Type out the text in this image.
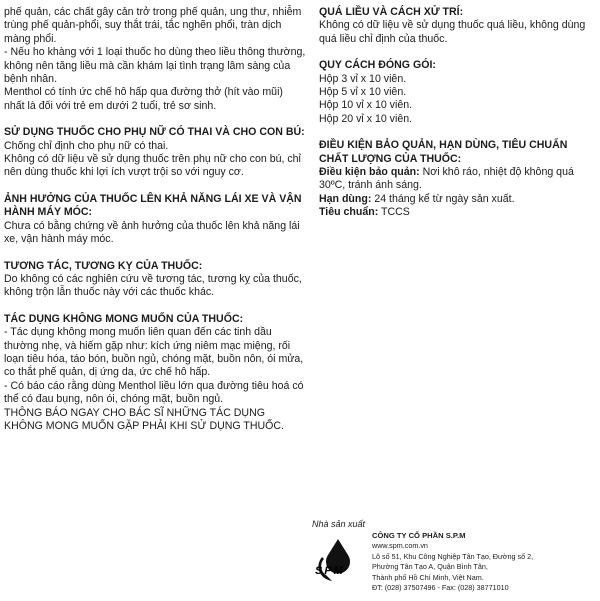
phế quản, các chất gây cản trở trong phế quản, ung thư, nhiễm trùng phế quản-phổi, suy thắt trái, tắc nghẽn phổi, tràn dịch màng phổi.

- Nếu ho khàng với 1 loại thuốc ho dùng theo liều thông thường, không nên tăng liều mà cần khám lại tình trạng lâm sàng của bệnh nhân.

Menthol có tính ức chế hô hấp qua đường thở (hít vào mũi) nhất là đối với trẻ em dưới 2 tuổi, trẻ sơ sinh.

SỬ DỤNG THUỐC CHO PHỤ NỮ CÓ THAI VÀ CHO CON BÚ:

Chống chỉ định cho phụ nữ có thai.

Không có dữ liệu về sử dụng thuốc trên phụ nữ cho con bú, chỉ nên dùng thuốc khi lợi ích vượt trội so với nguy cơ.

ẢNH HƯỞNG CỦA THUỐC LÊN KHẢ NĂNG LÁI XE VÀ VẬN HÀNH MÁY MÓC:

Chưa có bằng chứng về ảnh hưởng của thuốc lên khả năng lái xe, vận hành máy móc.

TƯƠNG TÁC, TƯƠNG KỴ CỦA THUỐC:

Do không có các nghiên cứu về tương tác, tương kỵ của thuốc, không trộn lẫn thuốc này với các thuốc khác.

TÁC DỤNG KHÔNG MONG MUỐN CỦA THUỐC:

- Tác dụng không mong muốn liên quan đến các tinh dầu thường nhẹ, và hiếm gặp như: kích ứng niêm mạc miệng, rối loạn tiêu hóa, táo bón, buồn ngủ, chóng mặt, buồn nôn, ói mửa, co thắt phế quản, dị ứng da, ức chế hô hấp.

- Có báo cáo rằng dùng Menthol liều lớn qua đường tiêu hoá có thể có đau bụng, nôn ói, chóng mặt, buồn ngủ.

THÔNG BÁO NGAY CHO BÁC SĨ NHỮNG TÁC DỤNG KHÔNG MONG MUỐN GẶP PHẢI KHI SỬ DỤNG THUỐC.

QUÁ LIỀU VÀ CÁCH XỬ TRÍ:

Không có dữ liệu về sử dụng thuốc quá liều, không dùng quá liều chỉ định của thuốc.

QUY CÁCH ĐÓNG GÓI:

Hộp 3 vỉ x 10 viên.

Hộp 5 vỉ x 10 viên.

Hộp 10 vỉ x 10 viên.

Hộp 20 vỉ x 10 viên.

ĐIỀU KIỆN BẢO QUẢN, HẠN DÙNG, TIÊU CHUẨN CHẤT LƯỢNG CỦA THUỐC:

Điều kiện bảo quản: Nơi khô ráo, nhiệt độ không quá 30ºC, tránh ánh sáng.

Hạn dùng: 24 tháng kể từ ngày sản xuất.

Tiêu chuẩn: TCCS

Nhà sản xuất

SPM
CÔNG TY CỔ PHẦN S.P.M
www.spm.com.vn
Lô số 51, Khu Công Nghiệp Tân Tạo, Đường số 2,
Phường Tân Tạo A, Quận Bình Tân,
Thành phố Hồ Chí Minh, Việt Nam.
ĐT: (028) 37507496 - Fax: (028) 38771010
